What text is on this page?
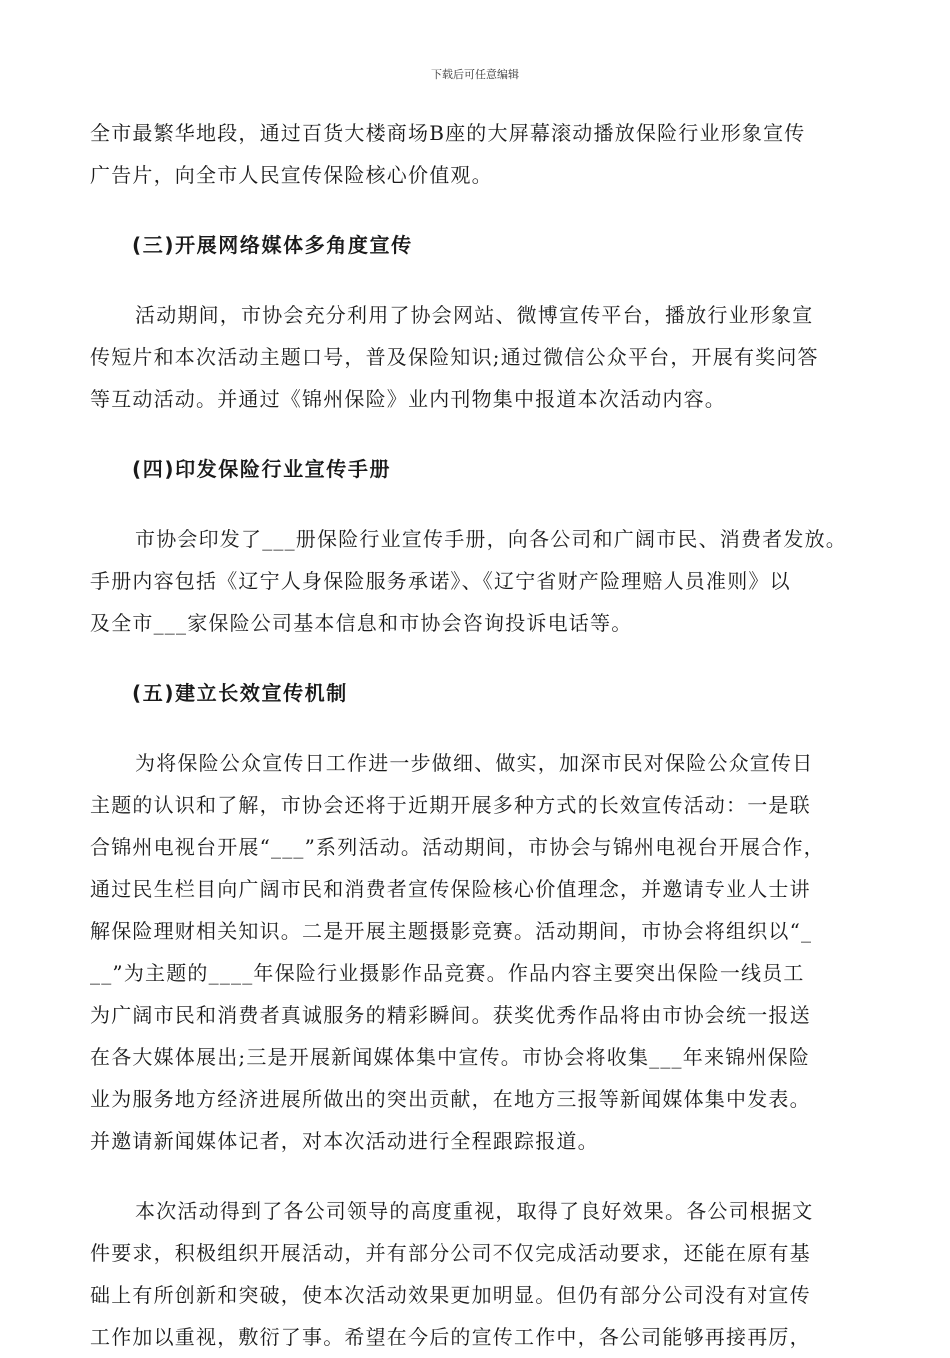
下载后可任意编辑
全市最繁华地段，通过百货大楼商场B座的大屏幕滚动播放保险行业形象宣传
广告片，向全市人民宣传保险核心价值观。
(三)开展网络媒体多角度宣传
活动期间，市协会充分利用了协会网站、微博宣传平台，播放行业形象宣
传短片和本次活动主题口号，普及保险知识;通过微信公众平台，开展有奖问答
等互动活动。并通过《锦州保险》业内刊物集中报道本次活动内容。
(四)印发保险行业宣传手册
市协会印发了___册保险行业宣传手册，向各公司和广阔市民、消费者发放。
手册内容包括《辽宁人身保险服务承诺》、《辽宁省财产险理赔人员准则》以
及全市___家保险公司基本信息和市协会咨询投诉电话等。
(五)建立长效宣传机制
为将保险公众宣传日工作进一步做细、做实，加深市民对保险公众宣传日
主题的认识和了解，市协会还将于近期开展多种方式的长效宣传活动：一是联
合锦州电视台开展“___”系列活动。活动期间，市协会与锦州电视台开展合作，
通过民生栏目向广阔市民和消费者宣传保险核心价值理念，并邀请专业人士讲
解保险理财相关知识。二是开展主题摄影竞赛。活动期间，市协会将组织以“_
__”为主题的____年保险行业摄影作品竞赛。作品内容主要突出保险一线员工
为广阔市民和消费者真诚服务的精彩瞬间。获奖优秀作品将由市协会统一报送
在各大媒体展出;三是开展新闻媒体集中宣传。市协会将收集___年来锦州保险
业为服务地方经济进展所做出的突出贡献，在地方三报等新闻媒体集中发表。
并邀请新闻媒体记者，对本次活动进行全程跟踪报道。
本次活动得到了各公司领导的高度重视，取得了良好效果。各公司根据文
件要求，积极组织开展活动，并有部分公司不仅完成活动要求，还能在原有基
础上有所创新和突破，使本次活动效果更加明显。但仍有部分公司没有对宣传
工作加以重视，敷衍了事。希望在今后的宣传工作中，各公司能够再接再厉，
